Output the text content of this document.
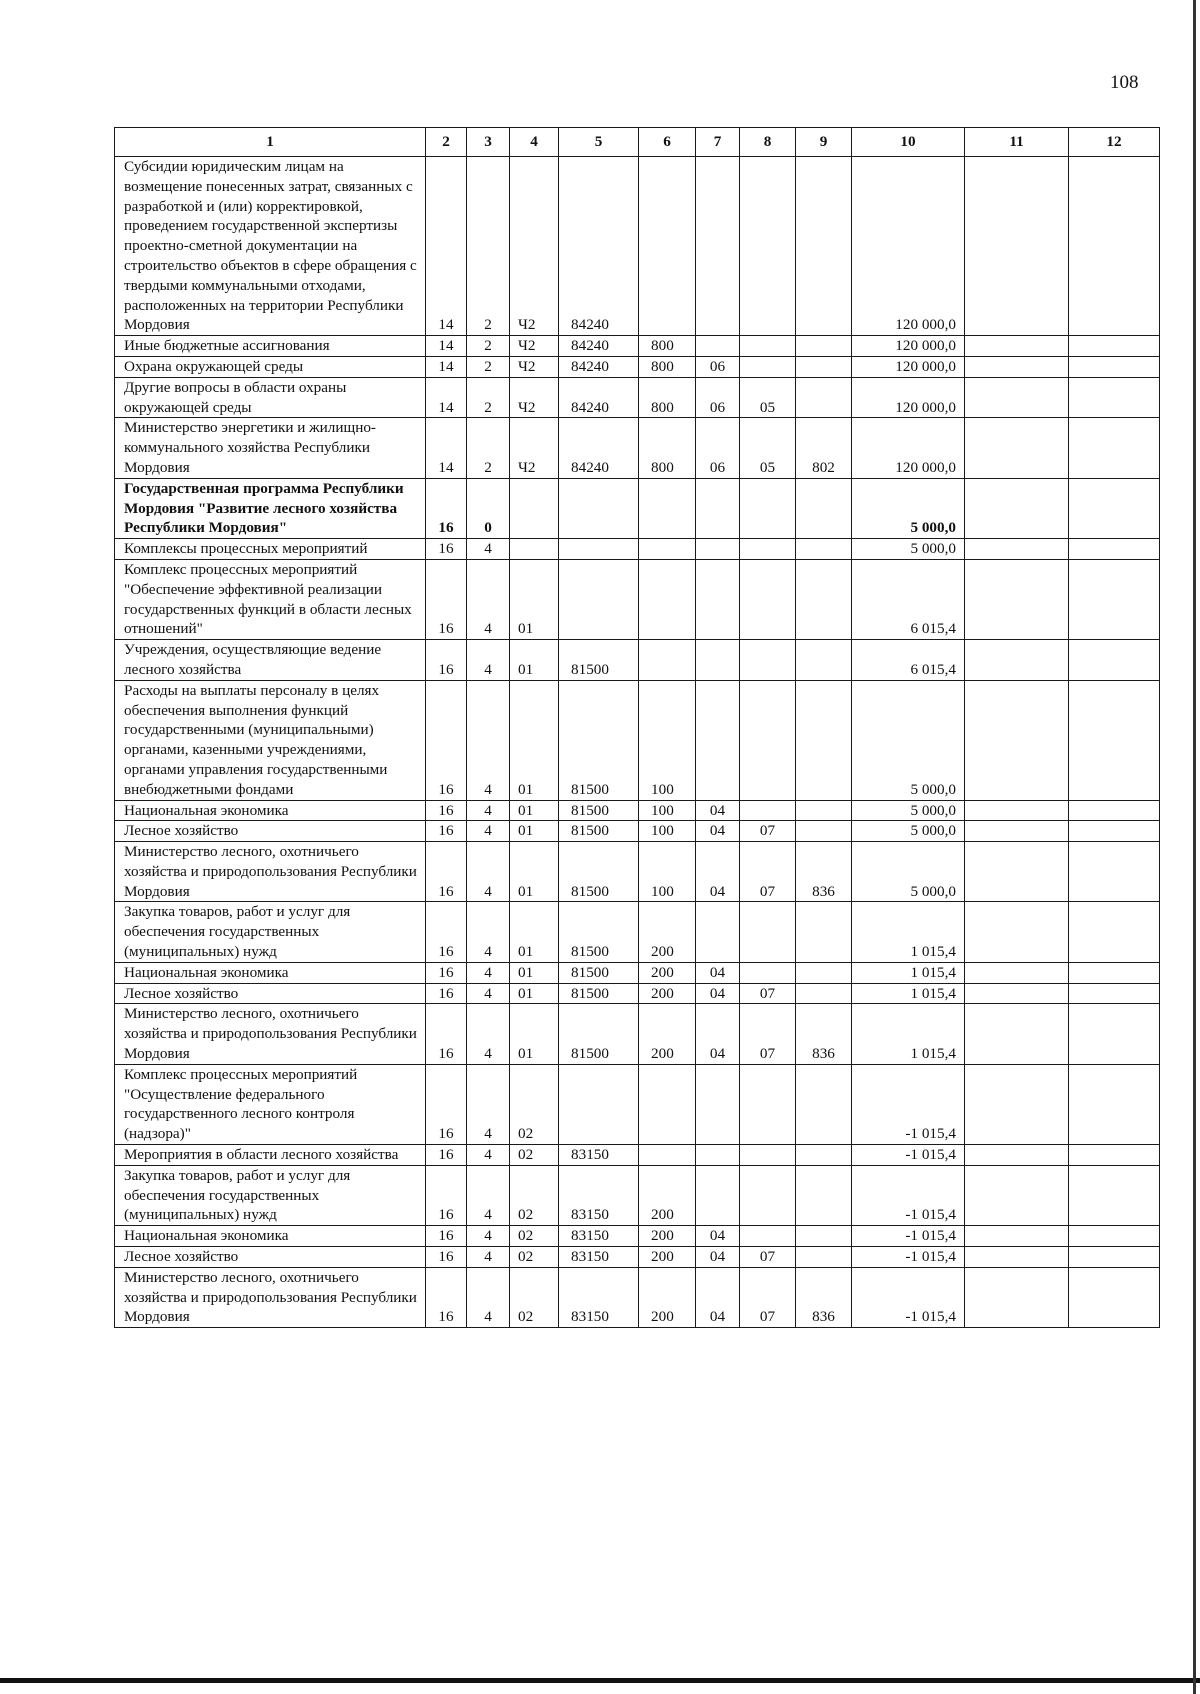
108
1	2	3	4	5	6	7	8	9	10	11	12
Субсидии юридическим лицам на возмещение понесенных затрат, связанных с разработкой и (или) корректировкой, проведением государственной экспертизы проектно-сметной документации на строительство объектов в сфере обращения с твердыми коммунальными отходами, расположенных на территории Республики Мордовия	14	2	Ч2	84240					120 000,0		
Иные бюджетные ассигнования	14	2	Ч2	84240	800				120 000,0		
Охрана окружающей среды	14	2	Ч2	84240	800	06			120 000,0		
Другие вопросы в области охраны окружающей среды	14	2	Ч2	84240	800	06	05		120 000,0		
Министерство энергетики и жилищно-коммунального хозяйства Республики Мордовия	14	2	Ч2	84240	800	06	05	802	120 000,0		
Государственная программа Республики Мордовия "Развитие лесного хозяйства Республики Мордовия"	16	0							5 000,0		
Комплексы процессных мероприятий	16	4							5 000,0		
Комплекс процессных мероприятий "Обеспечение эффективной реализации государственных функций в области лесных отношений"	16	4	01						6 015,4		
Учреждения, осуществляющие ведение лесного хозяйства	16	4	01	81500					6 015,4		
Расходы на выплаты персоналу в целях обеспечения выполнения функций государственными (муниципальными) органами, казенными учреждениями, органами управления государственными внебюджетными фондами	16	4	01	81500	100				5 000,0		
Национальная экономика	16	4	01	81500	100	04			5 000,0		
Лесное хозяйство	16	4	01	81500	100	04	07		5 000,0		
Министерство лесного, охотничьего хозяйства и природопользования Республики Мордовия	16	4	01	81500	100	04	07	836	5 000,0		
Закупка товаров, работ и услуг для обеспечения государственных (муниципальных) нужд	16	4	01	81500	200				1 015,4		
Национальная экономика	16	4	01	81500	200	04			1 015,4		
Лесное хозяйство	16	4	01	81500	200	04	07		1 015,4		
Министерство лесного, охотничьего хозяйства и природопользования Республики Мордовия	16	4	01	81500	200	04	07	836	1 015,4		
Комплекс процессных мероприятий "Осуществление федерального государственного лесного контроля (надзора)"	16	4	02						-1 015,4		
Мероприятия в области лесного хозяйства	16	4	02	83150					-1 015,4		
Закупка товаров, работ и услуг для обеспечения государственных (муниципальных) нужд	16	4	02	83150	200				-1 015,4		
Национальная экономика	16	4	02	83150	200	04			-1 015,4		
Лесное хозяйство	16	4	02	83150	200	04	07		-1 015,4		
Министерство лесного, охотничьего хозяйства и природопользования Республики Мордовия	16	4	02	83150	200	04	07	836	-1 015,4		
